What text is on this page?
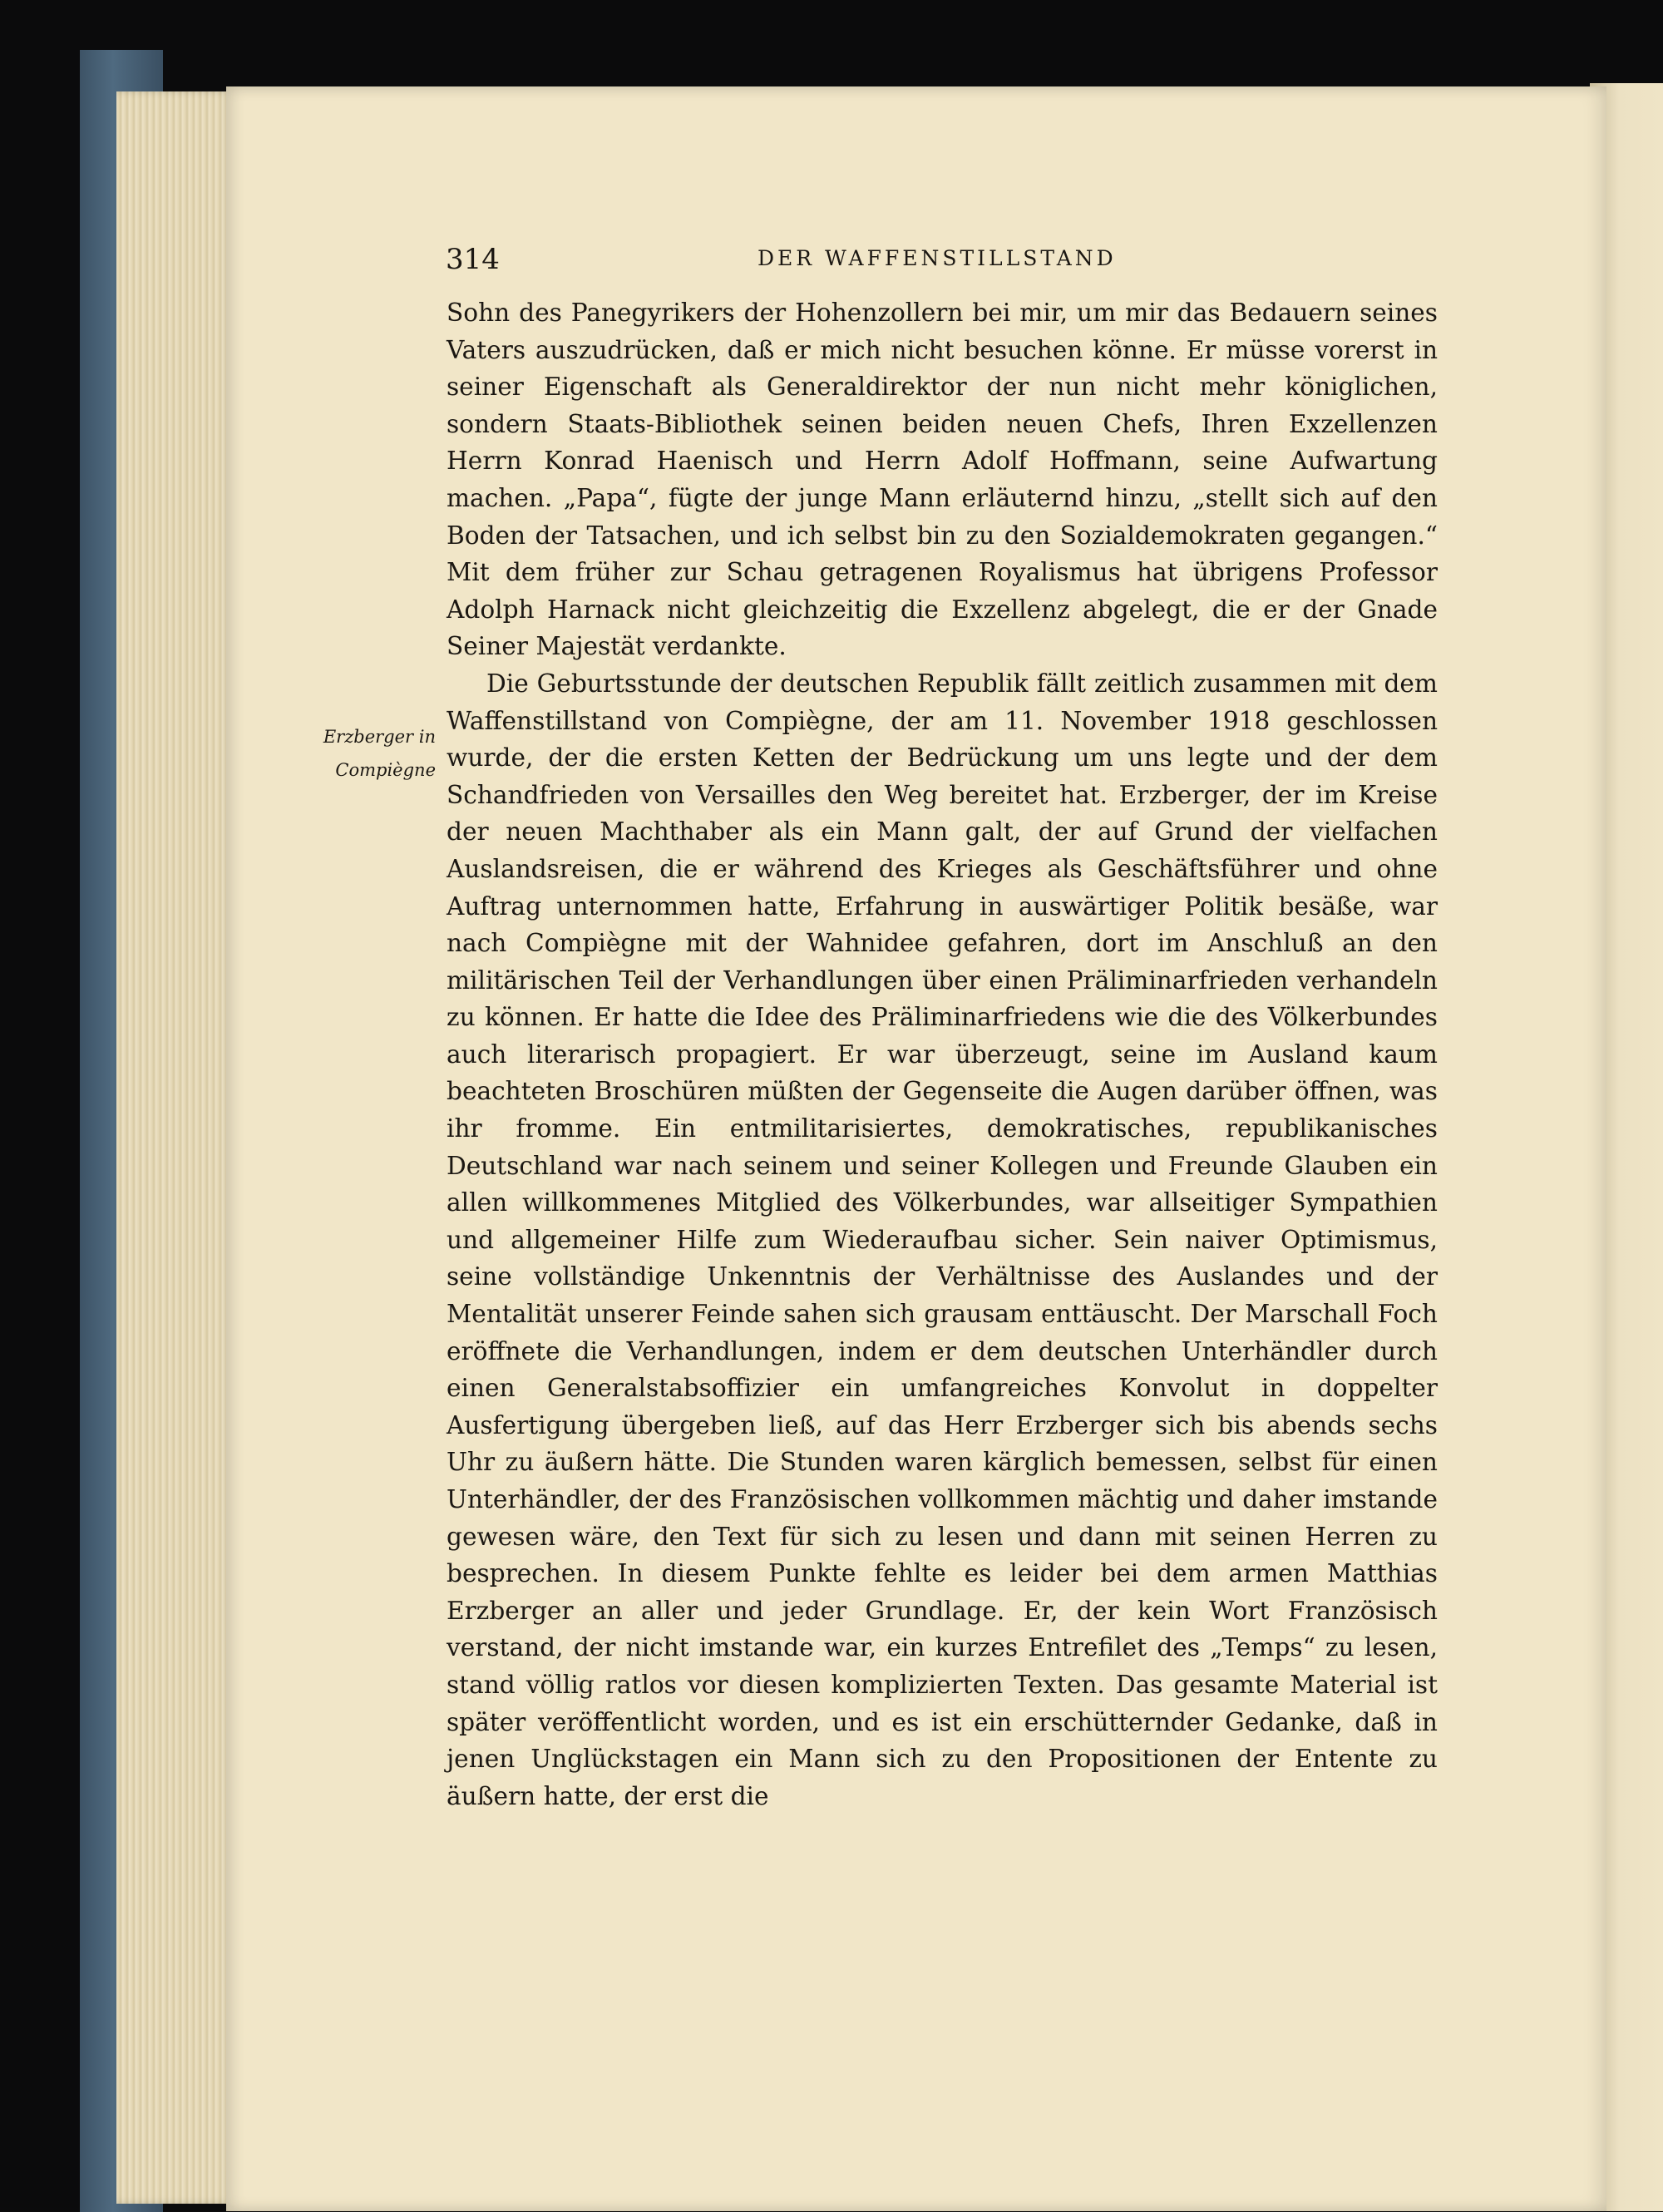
314	DER WAFFENSTILLSTAND
Erzberger in
Compiègne

Sohn des Panegyrikers der Hohenzollern bei mir, um mir das Bedauern seines Vaters auszudrücken, daß er mich nicht besuchen könne. Er müsse vorerst in seiner Eigenschaft als Generaldirektor der nun nicht mehr königlichen, sondern Staats-Bibliothek seinen beiden neuen Chefs, Ihren Exzellenzen Herrn Konrad Haenisch und Herrn Adolf Hoffmann, seine Aufwartung machen. „Papa“, fügte der junge Mann erläuternd hinzu, „stellt sich auf den Boden der Tatsachen, und ich selbst bin zu den Sozialdemokraten gegangen.“ Mit dem früher zur Schau getragenen Royalismus hat übrigens Professor Adolph Harnack nicht gleichzeitig die Exzellenz abgelegt, die er der Gnade Seiner Majestät verdankte.

Die Geburtsstunde der deutschen Republik fällt zeitlich zusammen mit dem Waffenstillstand von Compiègne, der am 11. November 1918 geschlossen wurde, der die ersten Ketten der Bedrückung um uns legte und der dem Schandfrieden von Versailles den Weg bereitet hat. Erzberger, der im Kreise der neuen Machthaber als ein Mann galt, der auf Grund der vielfachen Auslandsreisen, die er während des Krieges als Geschäftsführer und ohne Auftrag unternommen hatte, Erfahrung in auswärtiger Politik besäße, war nach Compiègne mit der Wahnidee gefahren, dort im Anschluß an den militärischen Teil der Verhandlungen über einen Präliminarfrieden verhandeln zu können. Er hatte die Idee des Präliminarfriedens wie die des Völkerbundes auch literarisch propagiert. Er war überzeugt, seine im Ausland kaum beachteten Broschüren müßten der Gegenseite die Augen darüber öffnen, was ihr fromme. Ein entmilitarisiertes, demokratisches, republikanisches Deutschland war nach seinem und seiner Kollegen und Freunde Glauben ein allen willkommenes Mitglied des Völkerbundes, war allseitiger Sympathien und allgemeiner Hilfe zum Wiederaufbau sicher. Sein naiver Optimismus, seine vollständige Unkenntnis der Verhältnisse des Auslandes und der Mentalität unserer Feinde sahen sich grausam enttäuscht. Der Marschall Foch eröffnete die Verhandlungen, indem er dem deutschen Unterhändler durch einen Generalstabsoffizier ein umfangreiches Konvolut in doppelter Ausfertigung übergeben ließ, auf das Herr Erzberger sich bis abends sechs Uhr zu äußern hätte. Die Stunden waren kärglich bemessen, selbst für einen Unterhändler, der des Französischen vollkommen mächtig und daher imstande gewesen wäre, den Text für sich zu lesen und dann mit seinen Herren zu besprechen. In diesem Punkte fehlte es leider bei dem armen Matthias Erzberger an aller und jeder Grundlage. Er, der kein Wort Französisch verstand, der nicht imstande war, ein kurzes Entrefilet des „Temps“ zu lesen, stand völlig ratlos vor diesen komplizierten Texten. Das gesamte Material ist später veröffentlicht worden, und es ist ein erschütternder Gedanke, daß in jenen Unglückstagen ein Mann sich zu den Propositionen der Entente zu äußern hatte, der erst die
